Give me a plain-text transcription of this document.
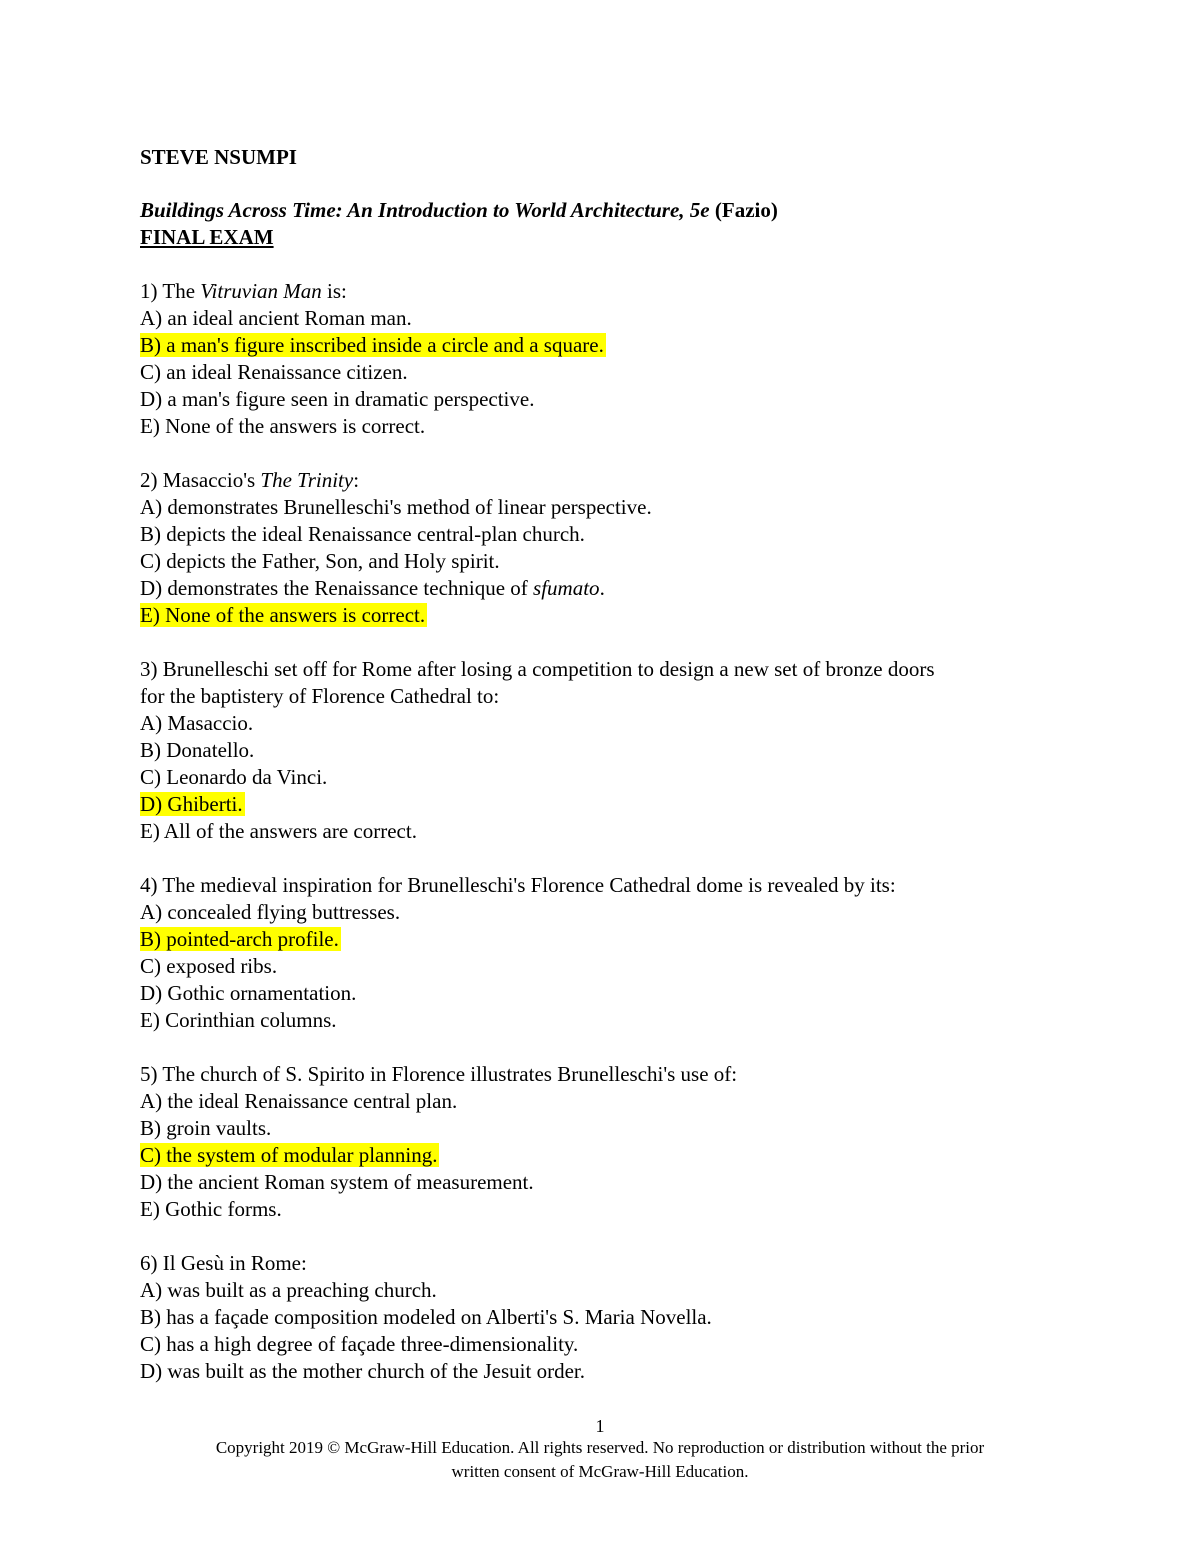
STEVE NSUMPI
Buildings Across Time: An Introduction to World Architecture, 5e (Fazio)
FINAL EXAM
1) The Vitruvian Man is:
A) an ideal ancient Roman man.
B) a man's figure inscribed inside a circle and a square.
C) an ideal Renaissance citizen.
D) a man's figure seen in dramatic perspective.
E) None of the answers is correct.
2) Masaccio's The Trinity:
A) demonstrates Brunelleschi's method of linear perspective.
B) depicts the ideal Renaissance central-plan church.
C) depicts the Father, Son, and Holy spirit.
D) demonstrates the Renaissance technique of sfumato.
E) None of the answers is correct.
3) Brunelleschi set off for Rome after losing a competition to design a new set of bronze doors
for the baptistery of Florence Cathedral to:
A) Masaccio.
B) Donatello.
C) Leonardo da Vinci.
D) Ghiberti.
E) All of the answers are correct.
4) The medieval inspiration for Brunelleschi's Florence Cathedral dome is revealed by its:
A) concealed flying buttresses.
B) pointed-arch profile.
C) exposed ribs.
D) Gothic ornamentation.
E) Corinthian columns.
5) The church of S. Spirito in Florence illustrates Brunelleschi's use of:
A) the ideal Renaissance central plan.
B) groin vaults.
C) the system of modular planning.
D) the ancient Roman system of measurement.
E) Gothic forms.
6) Il Gesù in Rome:
A) was built as a preaching church.
B) has a façade composition modeled on Alberti's S. Maria Novella.
C) has a high degree of façade three-dimensionality.
D) was built as the mother church of the Jesuit order.
1
Copyright 2019 © McGraw-Hill Education. All rights reserved. No reproduction or distribution without the prior
written consent of McGraw-Hill Education.
